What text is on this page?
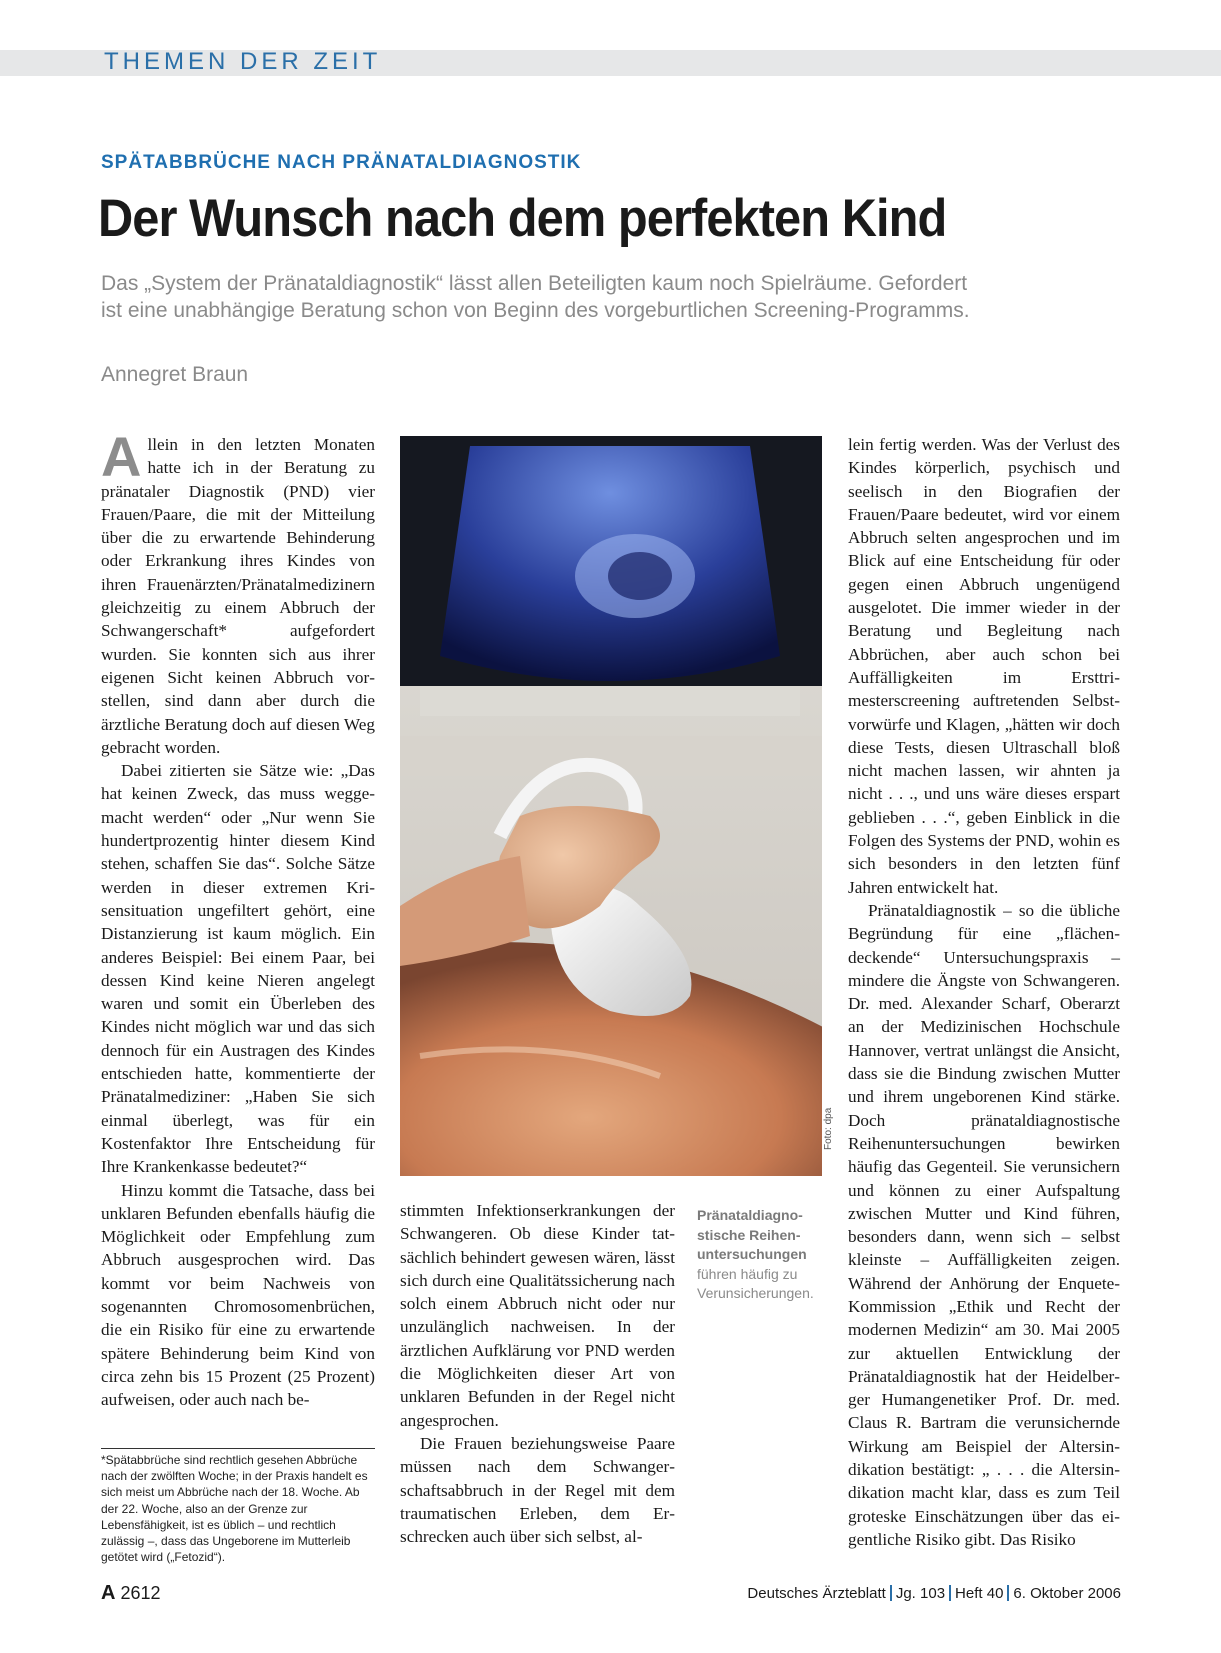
THEMEN DER ZEIT
SPÄTABBRÜCHE NACH PRÄNATALDIAGNOSTIK
Der Wunsch nach dem perfekten Kind

Das „System der Pränataldiagnostik“ lässt allen Beteiligten kaum noch Spielräume. Gefordert ist eine unabhängige Beratung schon von Beginn des vorgeburtlichen Screening-Programms.

Annegret Braun

Allein in den letzten Monaten hatte ich in der Beratung zu pränataler Diagnostik (PND) vier Frauen/Paare, die mit der Mitteilung über die zu erwartende Behinderung oder Erkrankung ihres Kindes von ihren Frauenärzten/Pränatalmedizinern gleichzeitig zu einem Abbruch der Schwangerschaft* aufgefordert wurden. Sie konnten sich aus ihrer eigenen Sicht keinen Abbruch vorstellen, sind dann aber durch die ärztliche Beratung doch auf diesen Weg gebracht worden.

Dabei zitierten sie Sätze wie: „Das hat keinen Zweck, das muss weggemacht werden“ oder „Nur wenn Sie hundertprozentig hinter diesem Kind stehen, schaffen Sie das“. Solche Sätze werden in dieser extremen Krisensituation ungefiltert gehört, eine Distanzierung ist kaum möglich. Ein anderes Beispiel: Bei einem Paar, bei dessen Kind keine Nieren angelegt waren und somit ein Überleben des Kindes nicht möglich war und das sich dennoch für ein Austragen des Kindes entschieden hatte, kommentierte der Pränatalmediziner: „Haben Sie sich einmal überlegt, was für ein Kostenfaktor Ihre Entscheidung für Ihre Krankenkasse bedeutet?“

Hinzu kommt die Tatsache, dass bei unklaren Befunden ebenfalls häufig die Möglichkeit oder Empfehlung zum Abbruch ausgesprochen wird. Das kommt vor beim Nachweis von sogenannten Chromosomenbrüchen, die ein Risiko für eine zu erwartende spätere Behinderung beim Kind von circa zehn bis 15 Prozent (25 Prozent) aufweisen, oder auch nach be-

Foto: dpa

stimmten Infektionserkrankungen der Schwangeren. Ob diese Kinder tatsächlich behindert gewesen wären, lässt sich durch eine Qualitätssicherung nach solch einem Abbruch nicht oder nur unzulänglich nachweisen. In der ärztlichen Aufklärung vor PND werden die Möglichkeiten dieser Art von unklaren Befunden in der Regel nicht angesprochen.

Die Frauen beziehungsweise Paare müssen nach dem Schwangerschaftsabbruch in der Regel mit dem traumatischen Erleben, dem Erschrecken auch über sich selbst, al-

Pränataldiagnostische Reihenuntersuchungen
führen häufig zu Verunsicherungen.

lein fertig werden. Was der Verlust des Kindes körperlich, psychisch und seelisch in den Biografien der Frauen/Paare bedeutet, wird vor einem Abbruch selten angesprochen und im Blick auf eine Entscheidung für oder gegen einen Abbruch ungenügend ausgelotet. Die immer wieder in der Beratung und Begleitung nach Abbrüchen, aber auch schon bei Auffälligkeiten im Ersttrimesterscreening auftretenden Selbstvorwürfe und Klagen, „hätten wir doch diese Tests, diesen Ultraschall bloß nicht machen lassen, wir ahnten ja nicht . . ., und uns wäre dieses erspart geblieben . . .“, geben Einblick in die Folgen des Systems der PND, wohin es sich besonders in den letzten fünf Jahren entwickelt hat.

Pränataldiagnostik – so die übliche Begründung für eine „flächendeckende“ Untersuchungspraxis – mindere die Ängste von Schwangeren. Dr. med. Alexander Scharf, Oberarzt an der Medizinischen Hochschule Hannover, vertrat unlängst die Ansicht, dass sie die Bindung zwischen Mutter und ihrem ungeborenen Kind stärke. Doch pränataldiagnostische Reihenuntersuchungen bewirken häufig das Gegenteil. Sie verunsichern und können zu einer Aufspaltung zwischen Mutter und Kind führen, besonders dann, wenn sich – selbst kleinste – Auffälligkeiten zeigen. Während der Anhörung der Enquete-Kommission „Ethik und Recht der modernen Medizin“ am 30. Mai 2005 zur aktuellen Entwicklung der Pränataldiagnostik hat der Heidelberger Humangenetiker Prof. Dr. med. Claus R. Bartram die verunsichernde Wirkung am Beispiel der Altersindikation bestätigt: „ . . . die Altersindikation macht klar, dass es zum Teil groteske Einschätzungen über das eigentliche Risiko gibt. Das Risiko

*Spätabbrüche sind rechtlich gesehen Abbrüche nach der zwölften Woche; in der Praxis handelt es sich meist um Abbrüche nach der 18. Woche. Ab der 22. Woche, also an der Grenze zur Lebensfähigkeit, ist es üblich – und rechtlich zulässig –, dass das Ungeborene im Mutterleib getötet wird („Fetozid“).

A 2612	Deutsches Ärzteblatt Jg. 103 Heft 40 6. Oktober 2006
